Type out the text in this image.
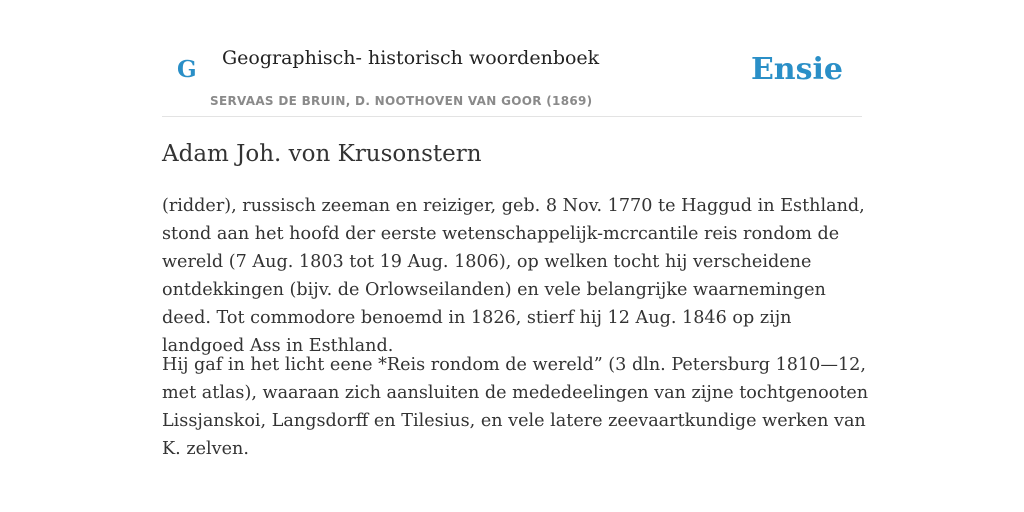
G Geographisch- historisch woordenboek
SERVAAS DE BRUIN, D. NOOTHOVEN VAN GOOR (1869)
Ensie
Adam Joh. von Krusonstern

(ridder), russisch zeeman en reiziger, geb. 8 Nov. 1770 te Haggud in Esthland, stond aan het hoofd der eerste wetenschappelijk-mcrcantile reis rondom de wereld (7 Aug. 1803 tot 19 Aug. 1806), op welken tocht hij verscheidene ontdekkingen (bijv. de Orlowseilanden) en vele belangrijke waarnemingen deed. Tot commodore benoemd in 1826, stierf hij 12 Aug. 1846 op zijn landgoed Ass in Esthland.

Hij gaf in het licht eene *Reis rondom de wereld” (3 dln. Petersburg 1810—12, met atlas), waaraan zich aansluiten de mededeelingen van zijne tochtgenooten Lissjanskoi, Langsdorff en Tilesius, en vele latere zeevaartkundige werken van K. zelven.
